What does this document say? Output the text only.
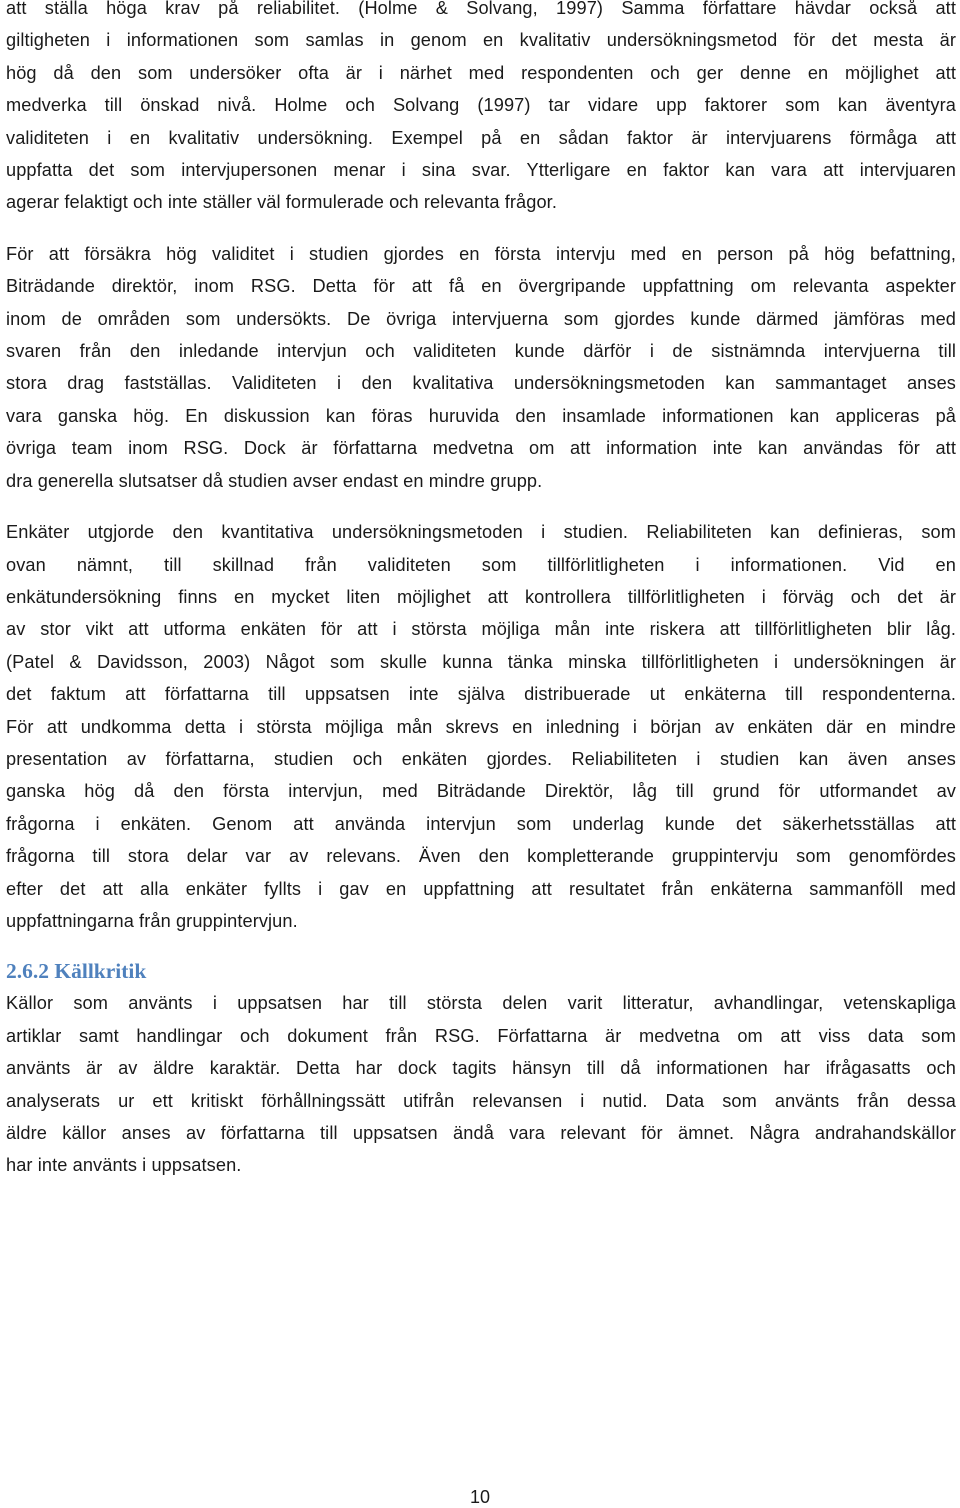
att ställa höga krav på reliabilitet. (Holme & Solvang, 1997) Samma författare hävdar också att
giltigheten i informationen som samlas in genom en kvalitativ undersökningsmetod för det mesta är
hög då den som undersöker ofta är i närhet med respondenten och ger denne en möjlighet att
medverka till önskad nivå. Holme och Solvang (1997) tar vidare upp faktorer som kan äventyra
validiteten i en kvalitativ undersökning. Exempel på en sådan faktor är intervjuarens förmåga att
uppfatta det som intervjupersonen menar i sina svar. Ytterligare en faktor kan vara att intervjuaren
agerar felaktigt och inte ställer väl formulerade och relevanta frågor.

För att försäkra hög validitet i studien gjordes en första intervju med en person på hög befattning,
Biträdande direktör, inom RSG. Detta för att få en övergripande uppfattning om relevanta aspekter
inom de områden som undersökts. De övriga intervjuerna som gjordes kunde därmed jämföras med
svaren från den inledande intervjun och validiteten kunde därför i de sistnämnda intervjuerna till
stora drag fastställas. Validiteten i den kvalitativa undersökningsmetoden kan sammantaget anses
vara ganska hög. En diskussion kan föras huruvida den insamlade informationen kan appliceras på
övriga team inom RSG. Dock är författarna medvetna om att information inte kan användas för att
dra generella slutsatser då studien avser endast en mindre grupp.

Enkäter utgjorde den kvantitativa undersökningsmetoden i studien. Reliabiliteten kan definieras, som
ovan nämnt, till skillnad från validiteten som tillförlitligheten i informationen. Vid en
enkätundersökning finns en mycket liten möjlighet att kontrollera tillförlitligheten i förväg och det är
av stor vikt att utforma enkäten för att i största möjliga mån inte riskera att tillförlitligheten blir låg.
(Patel & Davidsson, 2003) Något som skulle kunna tänka minska tillförlitligheten i undersökningen är
det faktum att författarna till uppsatsen inte själva distribuerade ut enkäterna till respondenterna.
För att undkomma detta i största möjliga mån skrevs en inledning i början av enkäten där en mindre
presentation av författarna, studien och enkäten gjordes. Reliabiliteten i studien kan även anses
ganska hög då den första intervjun, med Biträdande Direktör, låg till grund för utformandet av
frågorna i enkäten. Genom att använda intervjun som underlag kunde det säkerhetsställas att
frågorna till stora delar var av relevans. Även den kompletterande gruppintervju som genomfördes
efter det att alla enkäter fyllts i gav en uppfattning att resultatet från enkäterna sammanföll med
uppfattningarna från gruppintervjun.

2.6.2 Källkritik

Källor som använts i uppsatsen har till största delen varit litteratur, avhandlingar, vetenskapliga
artiklar samt handlingar och dokument från RSG. Författarna är medvetna om att viss data som
använts är av äldre karaktär. Detta har dock tagits hänsyn till då informationen har ifrågasatts och
analyserats ur ett kritiskt förhållningssätt utifrån relevansen i nutid. Data som använts från dessa
äldre källor anses av författarna till uppsatsen ändå vara relevant för ämnet. Några andrahandskällor
har inte använts i uppsatsen.

10
